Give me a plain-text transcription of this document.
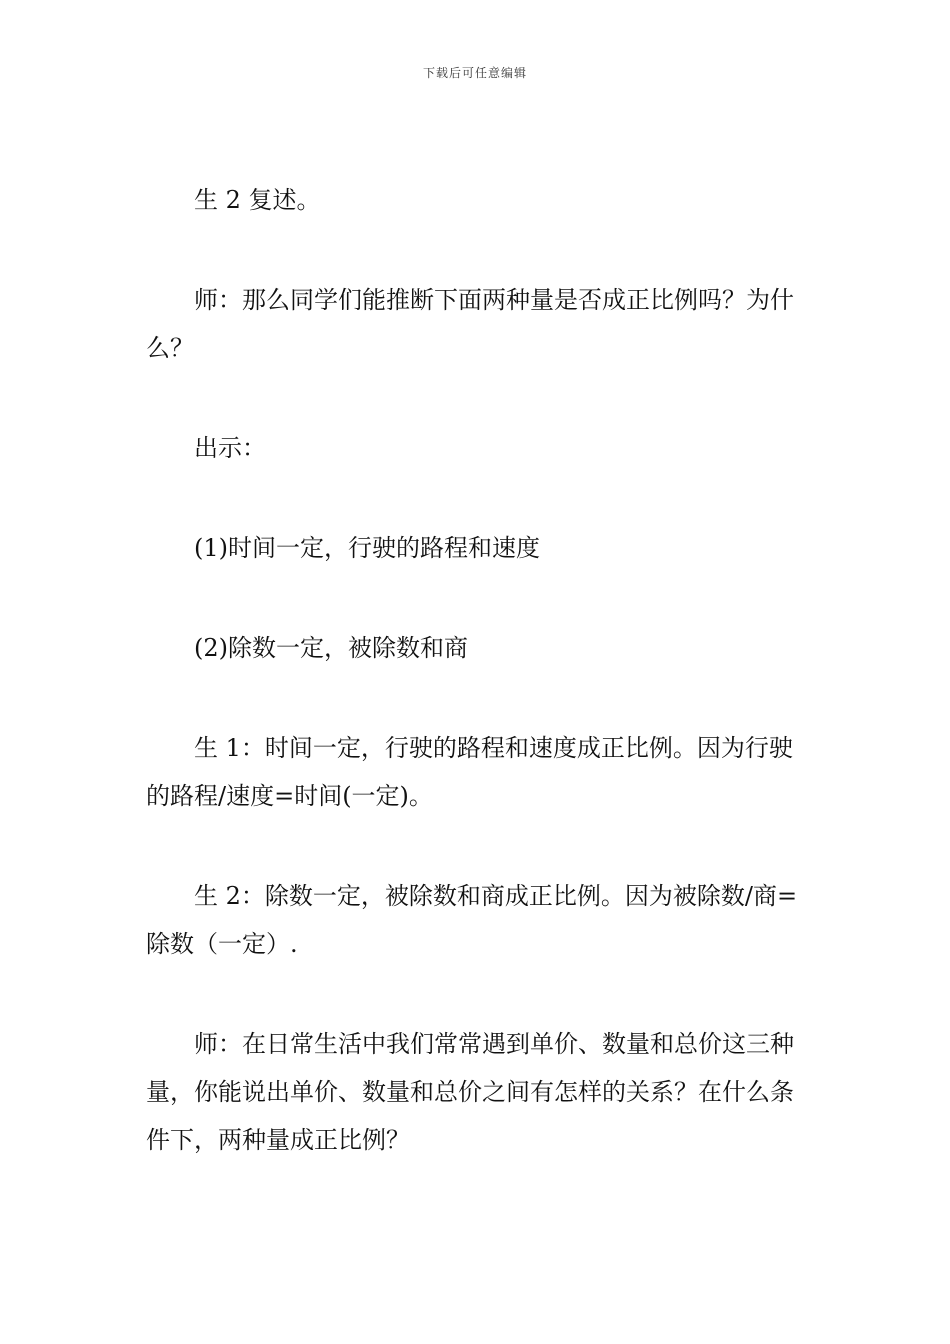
下载后可任意编辑

生 2 复述。

师：那么同学们能推断下面两种量是否成正比例吗？为什么？

出示：

(1)时间一定，行驶的路程和速度

(2)除数一定，被除数和商

生 1：时间一定，行驶的路程和速度成正比例。因为行驶的路程/速度=时间(一定)。

生 2：除数一定，被除数和商成正比例。因为被除数/商=除数（一定）.

师：在日常生活中我们常常遇到单价、数量和总价这三种量，你能说出单价、数量和总价之间有怎样的关系？在什么条件下，两种量成正比例？
